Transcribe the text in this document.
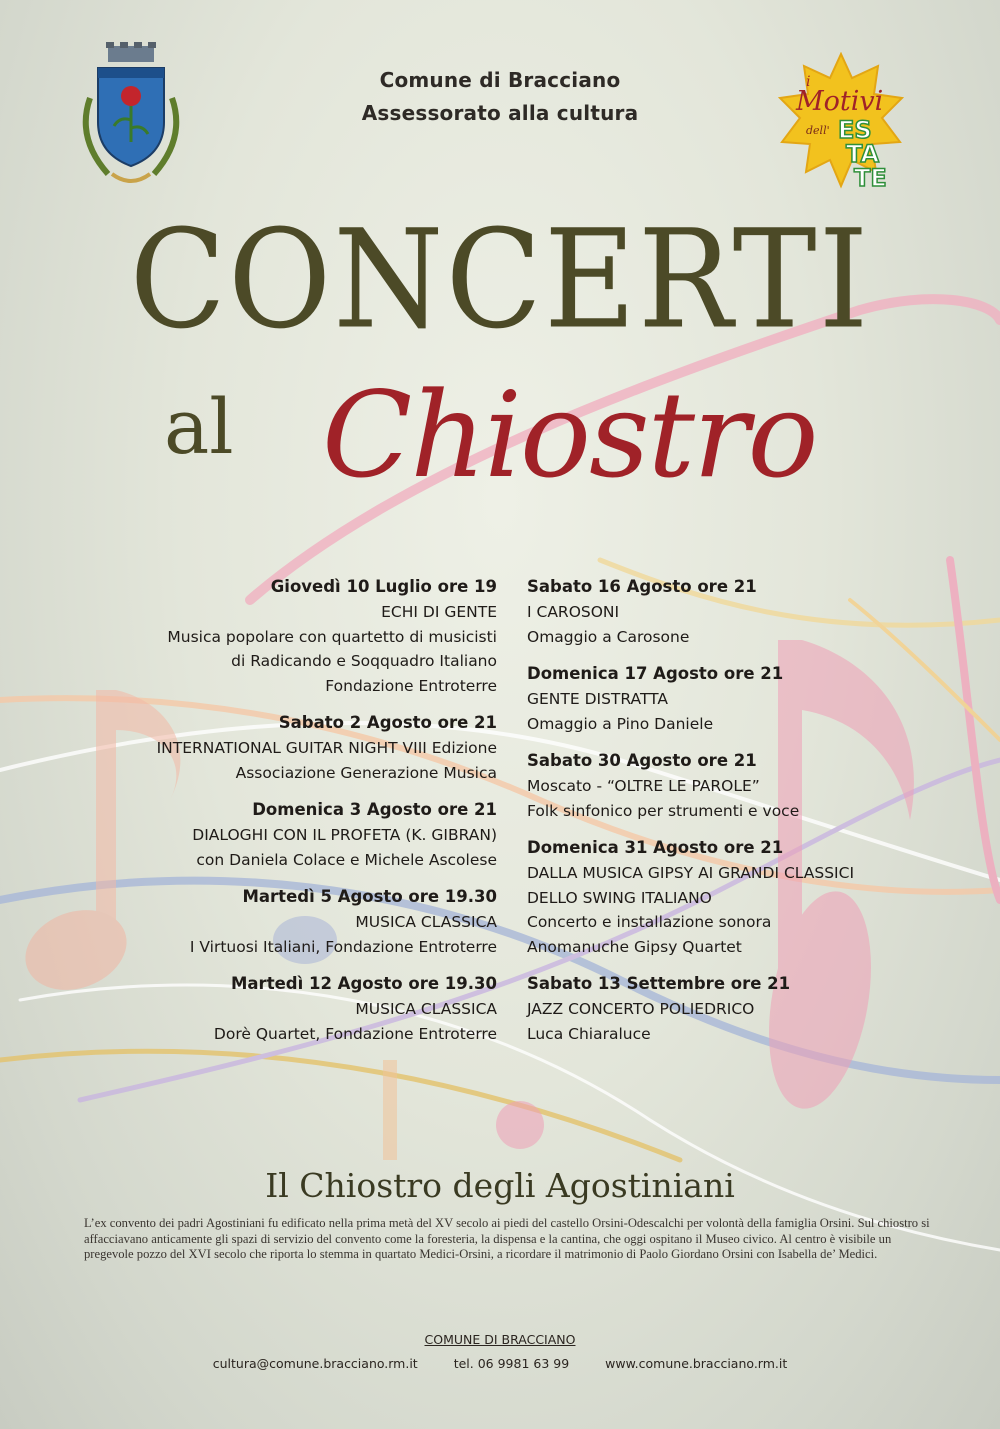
Comune di Bracciano
Assessorato alla cultura
i
Motivi
dell' ES
TA
TE
CONCERTI
al Chiostro
Giovedì 10 Luglio ore 19
ECHI DI GENTE
Musica popolare con quartetto di musicisti
di Radicando e Soqquadro Italiano
Fondazione Entroterre
Sabato 2 Agosto ore 21
INTERNATIONAL GUITAR NIGHT VIII Edizione
Associazione Generazione Musica
Domenica 3 Agosto ore 21
DIALOGHI CON IL PROFETA (K. GIBRAN)
con Daniela Colace e Michele Ascolese
Martedì 5 Agosto ore 19.30
MUSICA CLASSICA
I Virtuosi Italiani, Fondazione Entroterre
Martedì 12 Agosto ore 19.30
MUSICA CLASSICA
Dorè Quartet, Fondazione Entroterre
Sabato 16 Agosto ore 21
I CAROSONI
Omaggio a Carosone
Domenica 17 Agosto ore 21
GENTE DISTRATTA
Omaggio a Pino Daniele
Sabato 30 Agosto ore 21
Moscato - “OLTRE LE PAROLE”
Folk sinfonico per strumenti e voce
Domenica 31 Agosto ore 21
DALLA MUSICA GIPSY AI GRANDI CLASSICI
DELLO SWING ITALIANO
Concerto e installazione sonora
Anomanuche Gipsy Quartet
Sabato 13 Settembre ore 21
JAZZ CONCERTO POLIEDRICO
Luca Chiaraluce
Il Chiostro degli Agostiniani
L’ex convento dei padri Agostiniani fu edificato nella prima metà del XV secolo ai piedi del castello Orsini-Odescalchi per volontà della famiglia Orsini. Sul chiostro si affacciavano anticamente gli spazi di servizio del convento come la foresteria, la dispensa e la cantina, che oggi ospitano il Museo civico. Al centro è visibile un pregevole pozzo del XVI secolo che riporta lo stemma in quartato Medici-Orsini, a ricordare il matrimonio di Paolo Giordano Orsini con Isabella de’ Medici.
COMUNE DI BRACCIANO
cultura@comune.bracciano.rm.it	tel. 06 9981 63 99	www.comune.bracciano.rm.it
